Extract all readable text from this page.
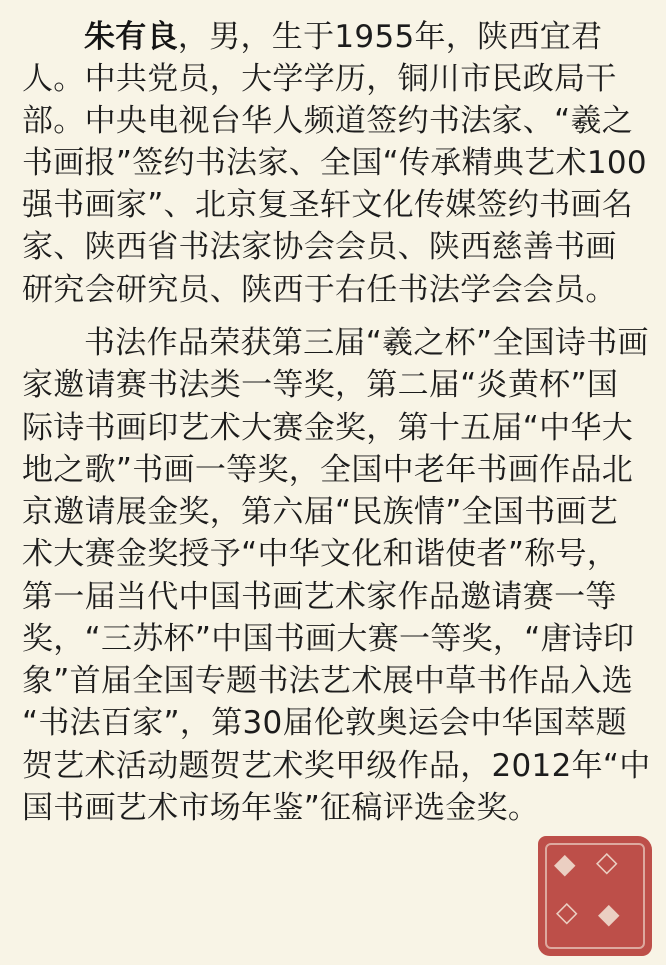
朱有良，男，生于1955年，陕西宜君
人。中共党员，大学学历，铜川市民政局干
部。中央电视台华人频道签约书法家、“羲之
书画报”签约书法家、全国“传承精典艺术100
强书画家”、北京复圣轩文化传媒签约书画名
家、陕西省书法家协会会员、陕西慈善书画
研究会研究员、陕西于右任书法学会会员。
书法作品荣获第三届“羲之杯”全国诗书画
家邀请赛书法类一等奖，第二届“炎黄杯”国
际诗书画印艺术大赛金奖，第十五届“中华大
地之歌”书画一等奖，全国中老年书画作品北
京邀请展金奖，第六届“民族情”全国书画艺
术大赛金奖授予“中华文化和谐使者”称号，
第一届当代中国书画艺术家作品邀请赛一等
奖，“三苏杯”中国书画大赛一等奖，“唐诗印
象”首届全国专题书法艺术展中草书作品入选
“书法百家”，第30届伦敦奥运会中华国萃题
贺艺术活动题贺艺术奖甲级作品，2012年“中
国书画艺术市场年鉴”征稿评选金奖。
◆ ◇
◇ ◆
